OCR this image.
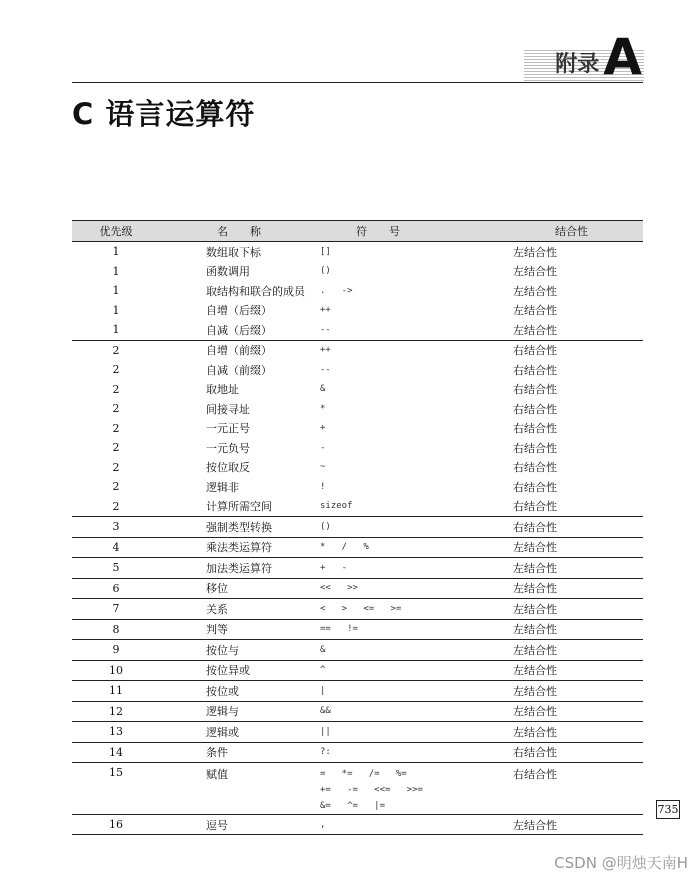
附录 A
C 语言运算符
优先级	名　　称	符　　号	结合性
1	数组取下标	[]	左结合性
1	函数调用	()	左结合性
1	取结构和联合的成员	.   ->	左结合性
1	自增（后缀）	++	左结合性
1	自减（后缀）	--	左结合性
2	自增（前缀）	++	右结合性
2	自减（前缀）	--	右结合性
2	取地址	&	右结合性
2	间接寻址	*	右结合性
2	一元正号	+	右结合性
2	一元负号	-	右结合性
2	按位取反	~	右结合性
2	逻辑非	!	右结合性
2	计算所需空间	sizeof	右结合性
3	强制类型转换	()	右结合性
4	乘法类运算符	*   /   %	左结合性
5	加法类运算符	+   -	左结合性
6	移位	<<   >>	左结合性
7	关系	<   >   <=   >=	左结合性
8	判等	==   !=	左结合性
9	按位与	&	左结合性
10	按位异或	^	左结合性
11	按位或	|	左结合性
12	逻辑与	&&	左结合性
13	逻辑或	||	左结合性
14	条件	?:	右结合性
15	赋值	=   *=   /=   %=
+=   -=   <<=   >>=
&=   ^=   |=	右结合性
16	逗号	,	左结合性
735
CSDN @明烛天南H
